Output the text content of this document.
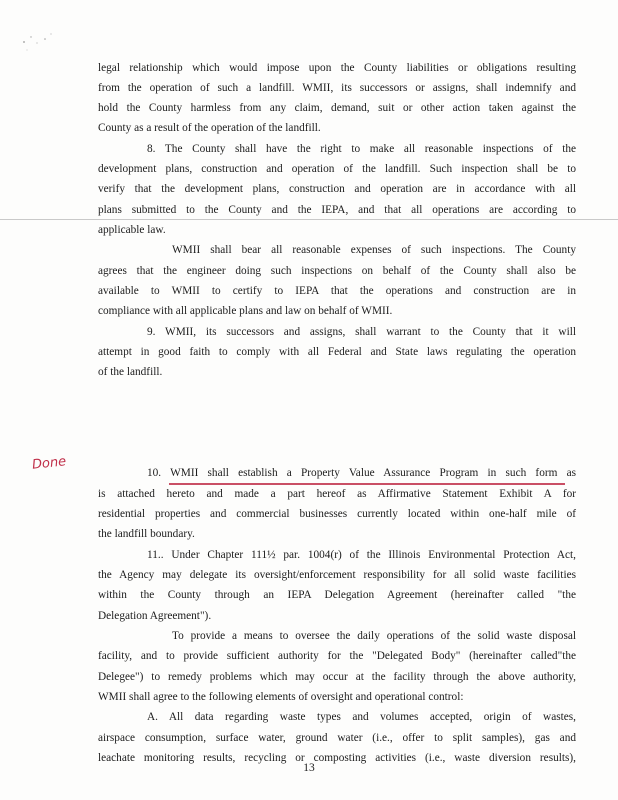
legal relationship which would impose upon the County liabilities or obligations resulting
from the operation of such a landfill. WMII, its successors or assigns, shall indemnify and
hold the County harmless from any claim, demand, suit or other action taken against the
County as a result of the operation of the landfill.
8. The County shall have the right to make all reasonable inspections of the
development plans, construction and operation of the landfill. Such inspection shall be to
verify that the development plans, construction and operation are in accordance with all
plans submitted to the County and the IEPA, and that all operations are according to
applicable law.
WMII shall bear all reasonable expenses of such inspections. The County
agrees that the engineer doing such inspections on behalf of the County shall also be
available to WMII to certify to IEPA that the operations and construction are in
compliance with all applicable plans and law on behalf of WMII.
9. WMII, its successors and assigns, shall warrant to the County that it will
attempt in good faith to comply with all Federal and State laws regulating the operation
of the landfill.
10. WMII shall establish a Property Value Assurance Program in such form as
is attached hereto and made a part hereof as Affirmative Statement Exhibit A for
residential properties and commercial businesses currently located within one-half mile of
the landfill boundary.
11.. Under Chapter 111½ par. 1004(r) of the Illinois Environmental Protection Act,
the Agency may delegate its oversight/enforcement responsibility for all solid waste facilities
within the County through an IEPA Delegation Agreement (hereinafter called "the
Delegation Agreement").
To provide a means to oversee the daily operations of the solid waste disposal
facility, and to provide sufficient authority for the "Delegated Body" (hereinafter called"the
Delegee") to remedy problems which may occur at the facility through the above authority,
WMII shall agree to the following elements of oversight and operational control:
A. All data regarding waste types and volumes accepted, origin of wastes,
airspace consumption, surface water, ground water (i.e., offer to split samples), gas and
leachate monitoring results, recycling or composting activities (i.e., waste diversion results),
Done
13
